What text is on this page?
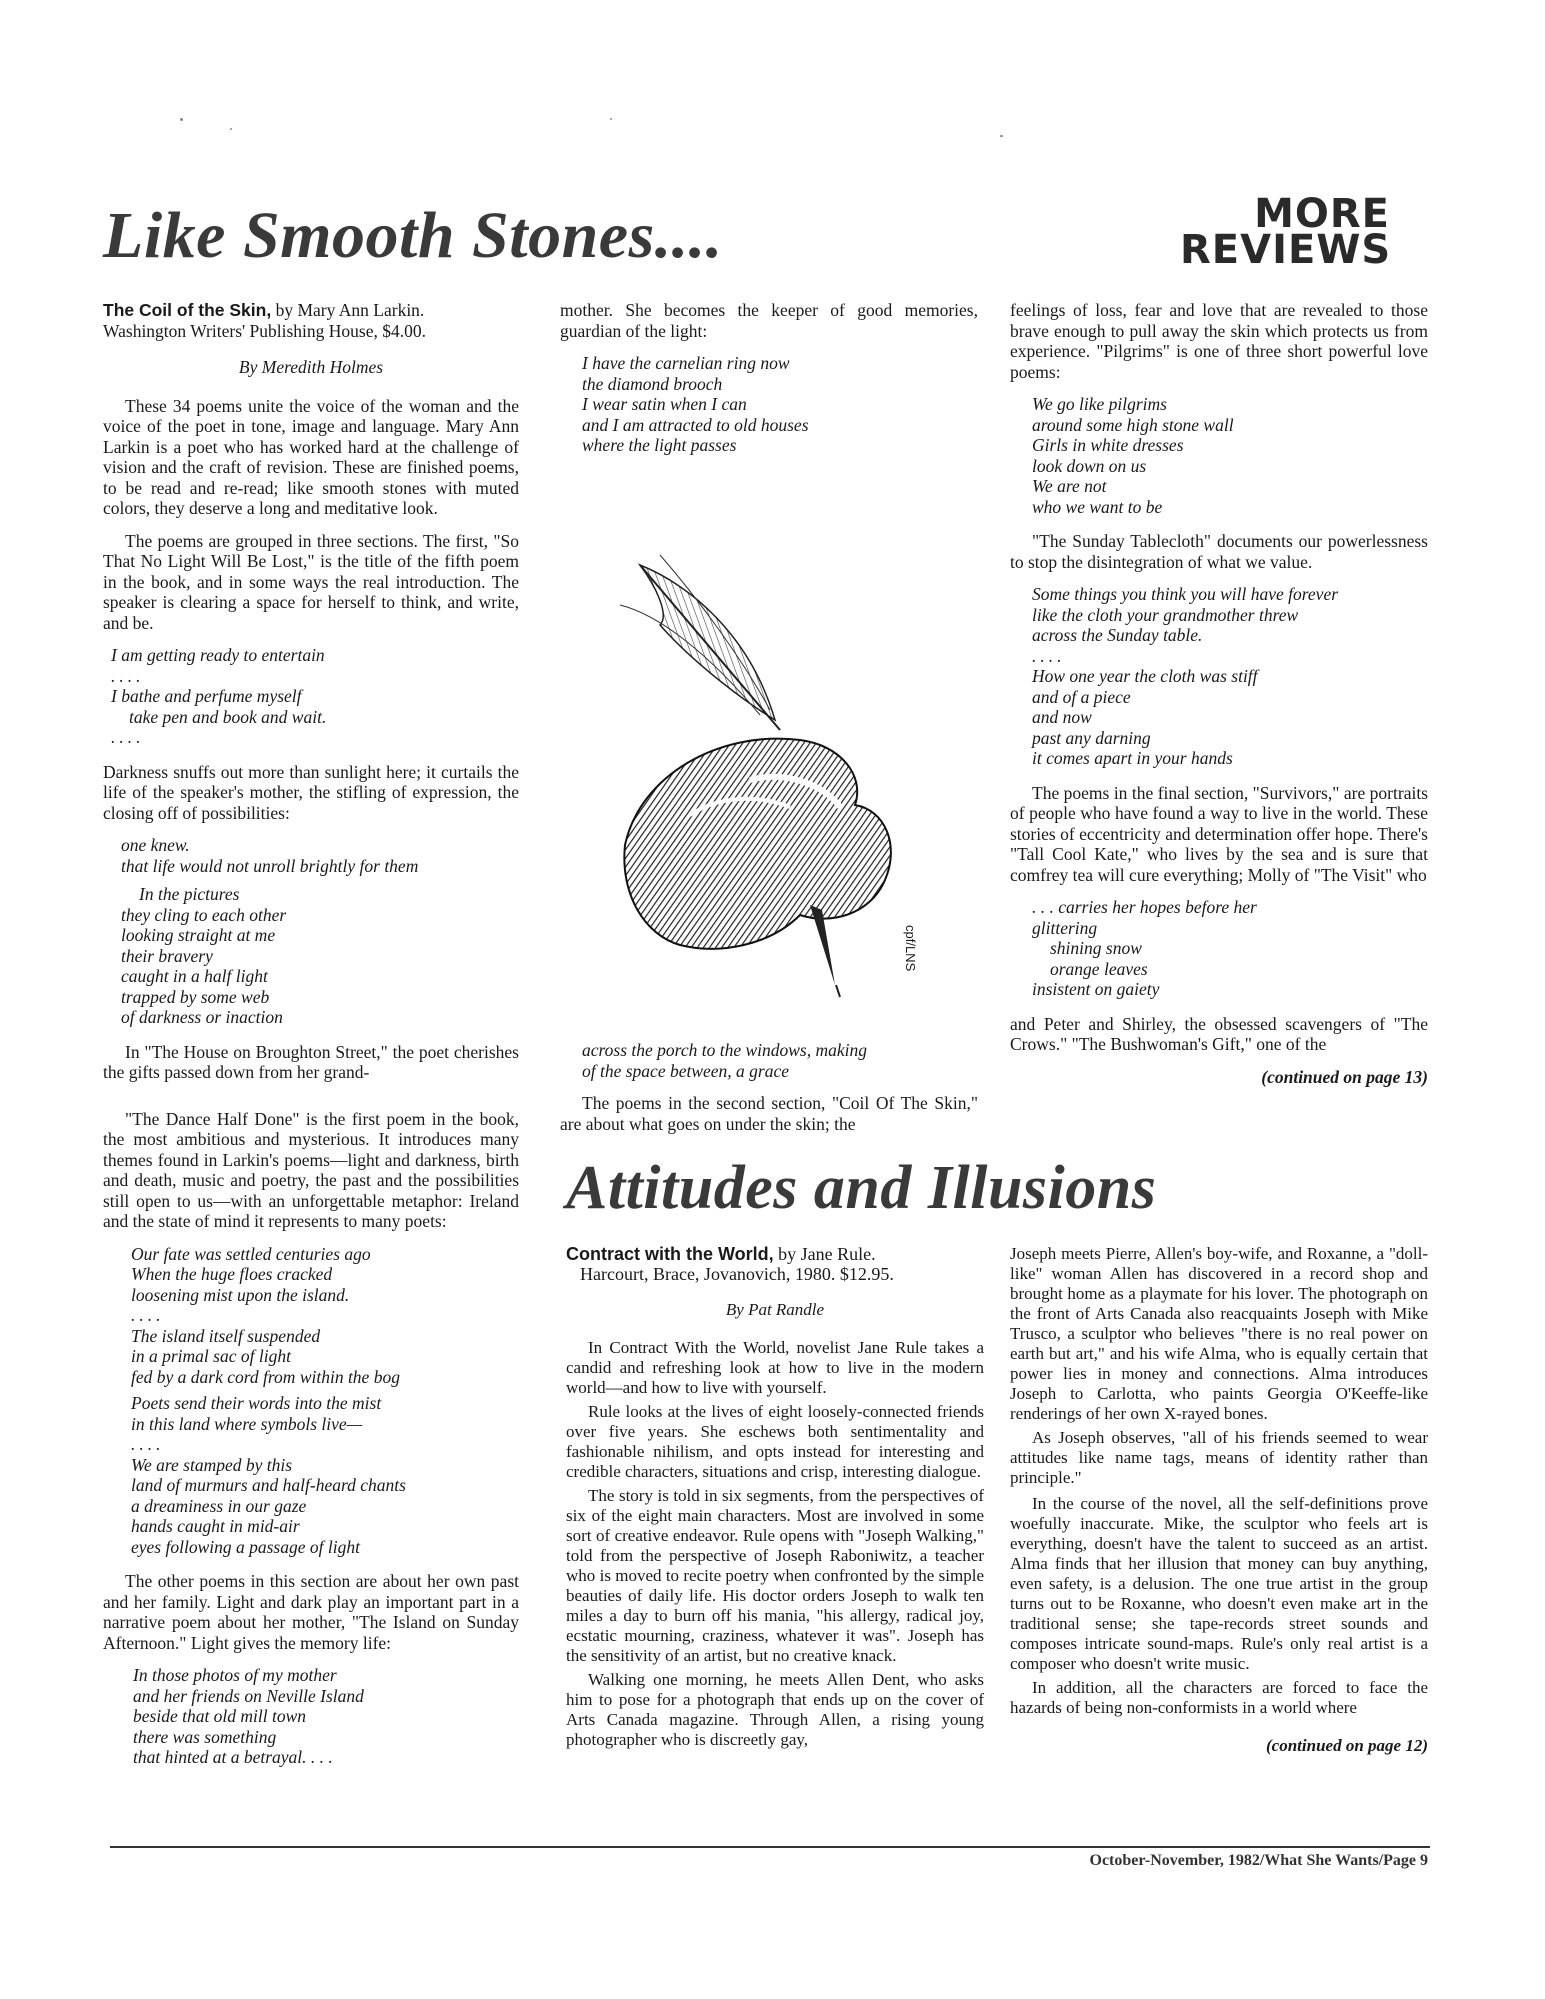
Like Smooth Stones....	MORE
REVIEWS
The Coil of the Skin, by Mary Ann Larkin.
Washington Writers' Publishing House, $4.00.
By Meredith Holmes

These 34 poems unite the voice of the woman and the voice of the poet in tone, image and language. Mary Ann Larkin is a poet who has worked hard at the challenge of vision and the craft of revision. These are finished poems, to be read and re-read; like smooth stones with muted colors, they deserve a long and meditative look.

The poems are grouped in three sections. The first, "So That No Light Will Be Lost," is the title of the fifth poem in the book, and in some ways the real introduction. The speaker is clearing a space for herself to think, and write, and be.

I am getting ready to entertain
....
I bathe and perfume myself
take pen and book and wait.
....

Darkness snuffs out more than sunlight here; it curtails the life of the speaker's mother, the stifling of expression, the closing off of possibilities:

one knew.
that life would not unroll brightly for them
In the pictures
they cling to each other
looking straight at me
their bravery
caught in a half light
trapped by some web
of darkness or inaction

In "The House on Broughton Street," the poet cherishes the gifts passed down from her grand-

"The Dance Half Done" is the first poem in the book, the most ambitious and mysterious. It introduces many themes found in Larkin's poems—light and darkness, birth and death, music and poetry, the past and the possibilities still open to us—with an unforgettable metaphor: Ireland and the state of mind it represents to many poets:

Our fate was settled centuries ago
When the huge floes cracked
loosening mist upon the island.
....
The island itself suspended
in a primal sac of light
fed by a dark cord from within the bog
Poets send their words into the mist
in this land where symbols live—
....
We are stamped by this
land of murmurs and half-heard chants
a dreaminess in our gaze
hands caught in mid-air
eyes following a passage of light

The other poems in this section are about her own past and her family. Light and dark play an important part in a narrative poem about her mother, "The Island on Sunday Afternoon." Light gives the memory life:

In those photos of my mother
and her friends on Neville Island
beside that old mill town
there was something
that hinted at a betrayal. . . .

mother. She becomes the keeper of good memories, guardian of the light:

I have the carnelian ring now
the diamond brooch
I wear satin when I can
and I am attracted to old houses
where the light passes
cpf/LNS
across the porch to the windows, making
of the space between, a grace

The poems in the second section, "Coil Of The Skin," are about what goes on under the skin; the

feelings of loss, fear and love that are revealed to those brave enough to pull away the skin which protects us from experience. "Pilgrims" is one of three short powerful love poems:

We go like pilgrims
around some high stone wall
Girls in white dresses
look down on us
We are not
who we want to be

"The Sunday Tablecloth" documents our powerlessness to stop the disintegration of what we value.

Some things you think you will have forever
like the cloth your grandmother threw
across the Sunday table.
....
How one year the cloth was stiff
and of a piece
and now
past any darning
it comes apart in your hands

The poems in the final section, "Survivors," are portraits of people who have found a way to live in the world. These stories of eccentricity and determination offer hope. There's "Tall Cool Kate," who lives by the sea and is sure that comfrey tea will cure everything; Molly of "The Visit" who

. . . carries her hopes before her
glittering
shining snow
orange leaves
insistent on gaiety

and Peter and Shirley, the obsessed scavengers of "The Crows." "The Bushwoman's Gift," one of the

(continued on page 13)
Attitudes and Illusions
Contract with the World, by Jane Rule.
Harcourt, Brace, Jovanovich, 1980. $12.95.
By Pat Randle

In Contract With the World, novelist Jane Rule takes a candid and refreshing look at how to live in the modern world—and how to live with yourself.

Rule looks at the lives of eight loosely-connected friends over five years. She eschews both sentimentality and fashionable nihilism, and opts instead for interesting and credible characters, situations and crisp, interesting dialogue.

The story is told in six segments, from the perspectives of six of the eight main characters. Most are involved in some sort of creative endeavor. Rule opens with "Joseph Walking," told from the perspective of Joseph Raboniwitz, a teacher who is moved to recite poetry when confronted by the simple beauties of daily life. His doctor orders Joseph to walk ten miles a day to burn off his mania, "his allergy, radical joy, ecstatic mourning, craziness, whatever it was". Joseph has the sensitivity of an artist, but no creative knack.

Walking one morning, he meets Allen Dent, who asks him to pose for a photograph that ends up on the cover of Arts Canada magazine. Through Allen, a rising young photographer who is discreetly gay,

Joseph meets Pierre, Allen's boy-wife, and Roxanne, a "doll-like" woman Allen has discovered in a record shop and brought home as a playmate for his lover. The photograph on the front of Arts Canada also reacquaints Joseph with Mike Trusco, a sculptor who believes "there is no real power on earth but art," and his wife Alma, who is equally certain that power lies in money and connections. Alma introduces Joseph to Carlotta, who paints Georgia O'Keeffe-like renderings of her own X-rayed bones.

As Joseph observes, "all of his friends seemed to wear attitudes like name tags, means of identity rather than principle."

In the course of the novel, all the self-definitions prove woefully inaccurate. Mike, the sculptor who feels art is everything, doesn't have the talent to succeed as an artist. Alma finds that her illusion that money can buy anything, even safety, is a delusion. The one true artist in the group turns out to be Roxanne, who doesn't even make art in the traditional sense; she tape-records street sounds and composes intricate sound-maps. Rule's only real artist is a composer who doesn't write music.

In addition, all the characters are forced to face the hazards of being non-conformists in a world where

(continued on page 12)
October-November, 1982/What She Wants/Page 9
